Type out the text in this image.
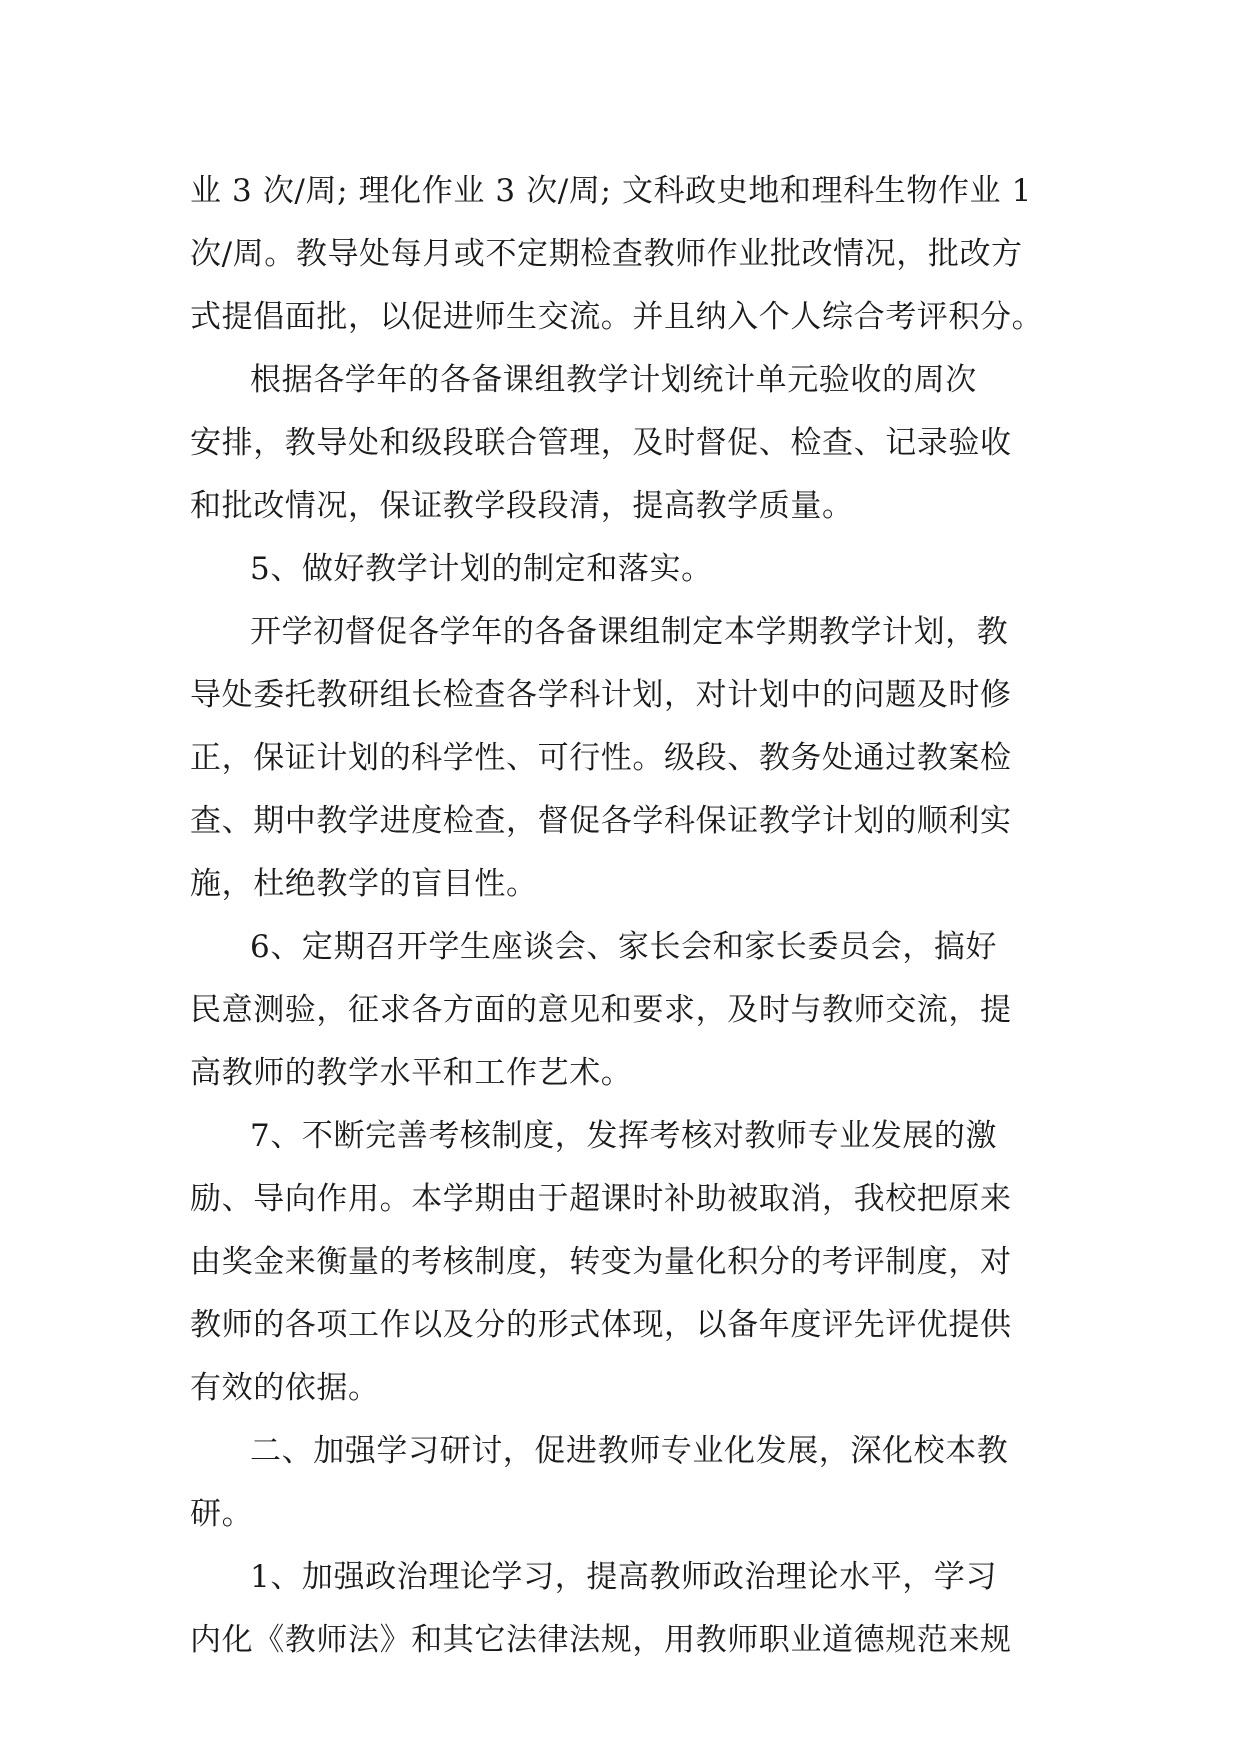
业 3 次/周; 理化作业 3 次/周; 文科政史地和理科生物作业 1
次/周。教导处每月或不定期检查教师作业批改情况，批改方
式提倡面批，以促进师生交流。并且纳入个人综合考评积分。
根据各学年的各备课组教学计划统计单元验收的周次
安排，教导处和级段联合管理，及时督促、检查、记录验收
和批改情况，保证教学段段清，提高教学质量。
5、做好教学计划的制定和落实。
开学初督促各学年的各备课组制定本学期教学计划，教
导处委托教研组长检查各学科计划，对计划中的问题及时修
正，保证计划的科学性、可行性。级段、教务处通过教案检
查、期中教学进度检查，督促各学科保证教学计划的顺利实
施，杜绝教学的盲目性。
6、定期召开学生座谈会、家长会和家长委员会，搞好
民意测验，征求各方面的意见和要求，及时与教师交流，提
高教师的教学水平和工作艺术。
7、不断完善考核制度，发挥考核对教师专业发展的激
励、导向作用。本学期由于超课时补助被取消，我校把原来
由奖金来衡量的考核制度，转变为量化积分的考评制度，对
教师的各项工作以及分的形式体现，以备年度评先评优提供
有效的依据。
二、加强学习研讨，促进教师专业化发展，深化校本教
研。
1、加强政治理论学习，提高教师政治理论水平，学习
内化《教师法》和其它法律法规，用教师职业道德规范来规
